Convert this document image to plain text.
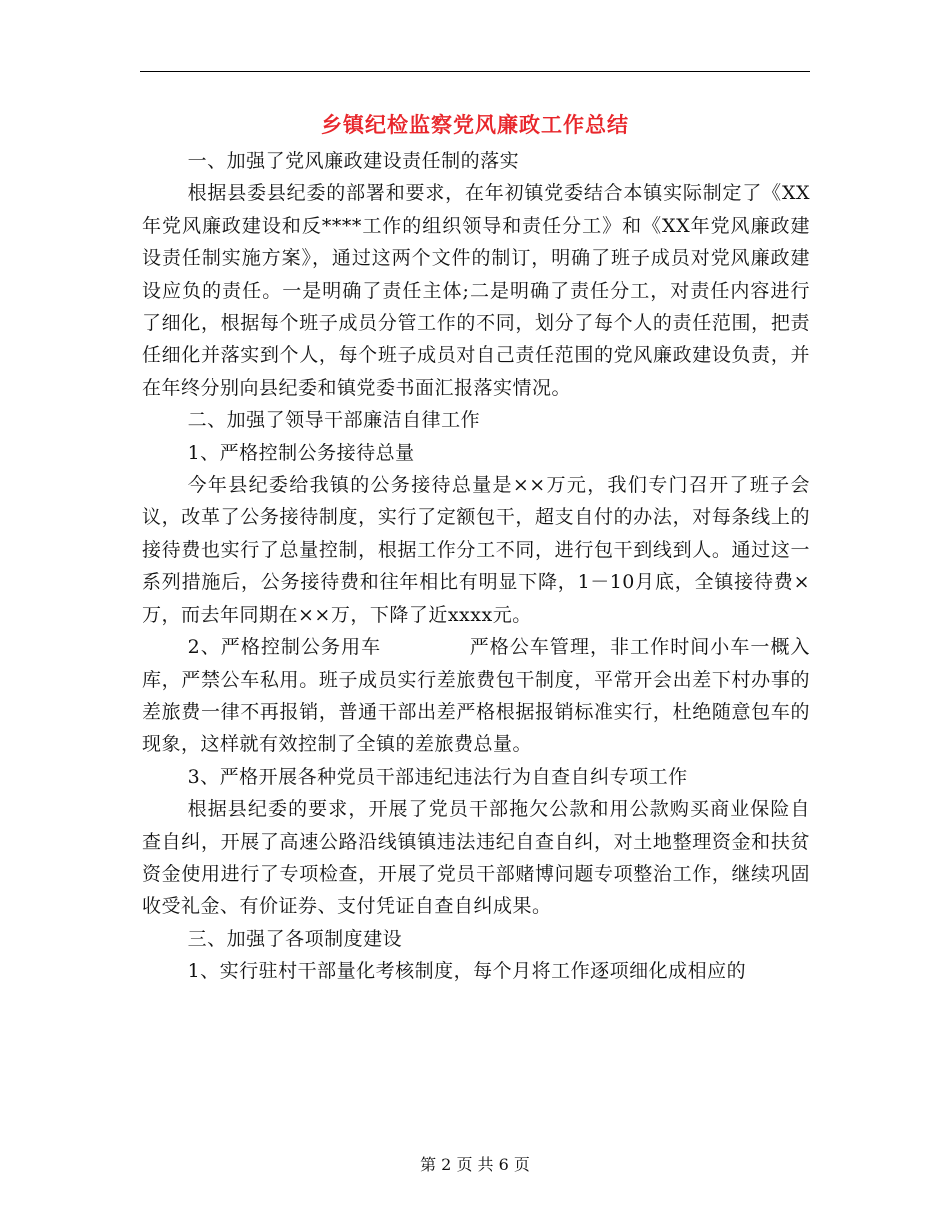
乡镇纪检监察党风廉政工作总结

一、加强了党风廉政建设责任制的落实

根据县委县纪委的部署和要求，在年初镇党委结合本镇实际制定了《XX年党风廉政建设和反****工作的组织领导和责任分工》和《XX年党风廉政建设责任制实施方案》，通过这两个文件的制订，明确了班子成员对党风廉政建设应负的责任。一是明确了责任主体;二是明确了责任分工，对责任内容进行了细化，根据每个班子成员分管工作的不同，划分了每个人的责任范围，把责任细化并落实到个人，每个班子成员对自己责任范围的党风廉政建设负责，并在年终分别向县纪委和镇党委书面汇报落实情况。

二、加强了领导干部廉洁自律工作

1、严格控制公务接待总量

今年县纪委给我镇的公务接待总量是××万元，我们专门召开了班子会议，改革了公务接待制度，实行了定额包干，超支自付的办法，对每条线上的接待费也实行了总量控制，根据工作分工不同，进行包干到线到人。通过这一系列措施后，公务接待费和往年相比有明显下降，1－10月底，全镇接待费×万，而去年同期在××万，下降了近xxxx元。

2、严格控制公务用车	严格公车管理，非工作时间小车一概入库，严禁公车私用。班子成员实行差旅费包干制度，平常开会出差下村办事的差旅费一律不再报销，普通干部出差严格根据报销标准实行，杜绝随意包车的现象，这样就有效控制了全镇的差旅费总量。

3、严格开展各种党员干部违纪违法行为自查自纠专项工作

根据县纪委的要求，开展了党员干部拖欠公款和用公款购买商业保险自查自纠，开展了高速公路沿线镇镇违法违纪自查自纠，对土地整理资金和扶贫资金使用进行了专项检查，开展了党员干部赌博问题专项整治工作，继续巩固收受礼金、有价证券、支付凭证自查自纠成果。

三、加强了各项制度建设

1、实行驻村干部量化考核制度，每个月将工作逐项细化成相应的

第 2 页 共 6 页
